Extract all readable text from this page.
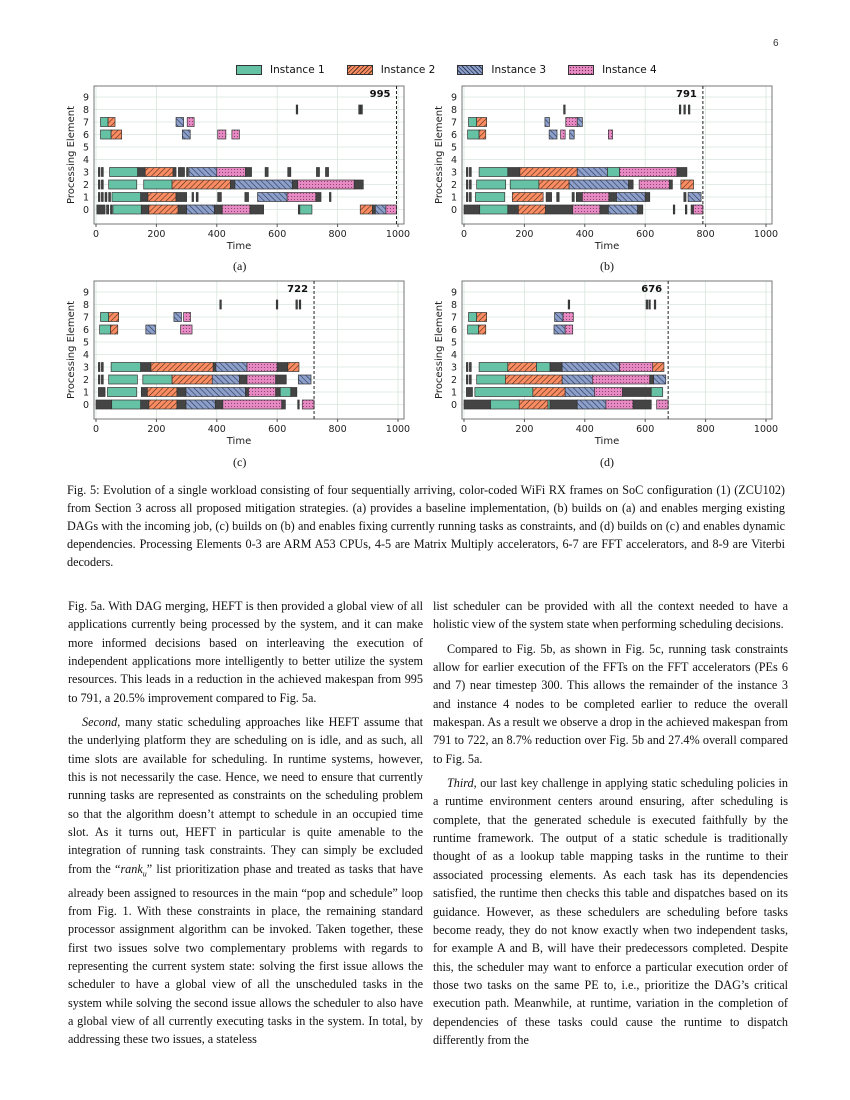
6
Instance 1	Instance 2	Instance 3	Instance 4
995
0	200	400	600	800	1000
0
1
2
3
4
5
6
7
8
9
Time
Processing Element
(a)
791
0	200	400	600	800	1000
0
1
2
3
4
5
6
7
8
9
Time
Processing Element
(b)
722
0	200	400	600	800	1000
0
1
2
3
4
5
6
7
8
9
Time
Processing Element
(c)
676
0	200	400	600	800	1000
0
1
2
3
4
5
6
7
8
9
Time
Processing Element
(d)
Fig. 5: Evolution of a single workload consisting of four sequentially arriving, color-coded WiFi RX frames on SoC configuration (1) (ZCU102) from Section 3 across all proposed mitigation strategies. (a) provides a baseline implementation, (b) builds on (a) and enables merging existing DAGs with the incoming job, (c) builds on (b) and enables fixing currently running tasks as constraints, and (d) builds on (c) and enables dynamic dependencies. Processing Elements 0-3 are ARM A53 CPUs, 4-5 are Matrix Multiply accelerators, 6-7 are FFT accelerators, and 8-9 are Viterbi decoders.

Fig. 5a. With DAG merging, HEFT is then provided a global view of all applications currently being processed by the system, and it can make more informed decisions based on interleaving the execution of independent applications more intelligently to better utilize the system resources. This leads in a reduction in the achieved makespan from 995 to 791, a 20.5% improvement compared to Fig. 5a.

Second, many static scheduling approaches like HEFT assume that the underlying platform they are scheduling on is idle, and as such, all time slots are available for scheduling. In runtime systems, however, this is not necessarily the case. Hence, we need to ensure that currently running tasks are represented as constraints on the scheduling problem so that the algorithm doesn’t attempt to schedule in an occupied time slot. As it turns out, HEFT in particular is quite amenable to the integration of running task constraints. They can simply be excluded from the “rank$_u$” list prioritization phase and treated as tasks that have already been assigned to resources in the main “pop and schedule” loop from Fig. 1. With these constraints in place, the remaining standard processor assignment algorithm can be invoked. Taken together, these first two issues solve two complementary problems with regards to representing the current system state: solving the first issue allows the scheduler to have a global view of all the unscheduled tasks in the system while solving the second issue allows the scheduler to also have a global view of all currently executing tasks in the system. In total, by addressing these two issues, a stateless

list scheduler can be provided with all the context needed to have a holistic view of the system state when performing scheduling decisions.

Compared to Fig. 5b, as shown in Fig. 5c, running task constraints allow for earlier execution of the FFTs on the FFT accelerators (PEs 6 and 7) near timestep 300. This allows the remainder of the instance 3 and instance 4 nodes to be completed earlier to reduce the overall makespan. As a result we observe a drop in the achieved makespan from 791 to 722, an 8.7% reduction over Fig. 5b and 27.4% overall compared to Fig. 5a.

Third, our last key challenge in applying static scheduling policies in a runtime environment centers around ensuring, after scheduling is complete, that the generated schedule is executed faithfully by the runtime framework. The output of a static schedule is traditionally thought of as a lookup table mapping tasks in the runtime to their associated processing elements. As each task has its dependencies satisfied, the runtime then checks this table and dispatches based on its guidance. However, as these schedulers are scheduling before tasks become ready, they do not know exactly when two independent tasks, for example A and B, will have their predecessors completed. Despite this, the scheduler may want to enforce a particular execution order of those two tasks on the same PE to, i.e., prioritize the DAG’s critical execution path. Meanwhile, at runtime, variation in the completion of dependencies of these tasks could cause the runtime to dispatch differently from the
